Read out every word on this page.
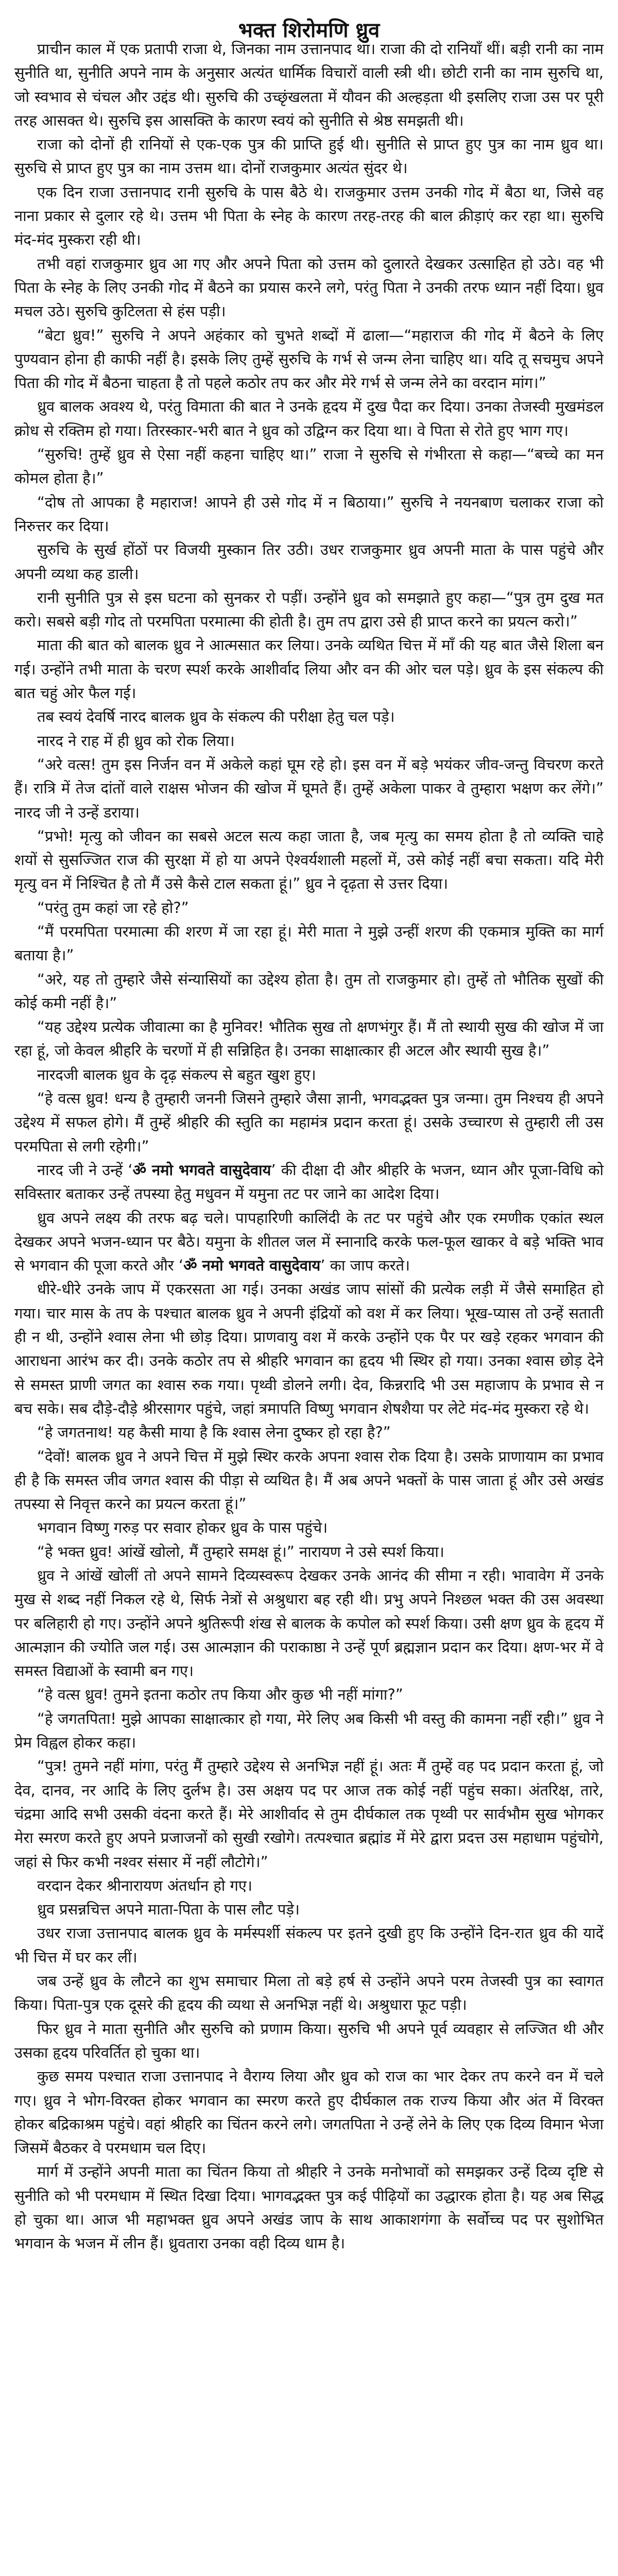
भक्त शिरोमणि ध्रुव

प्राचीन काल में एक प्रतापी राजा थे, जिनका नाम उत्तानपाद था। राजा की दो रानियाँ थीं। बड़ी रानी का नाम सुनीति था, सुनीति अपने नाम के अनुसार अत्यंत धार्मिक विचारों वाली स्त्री थी। छोटी रानी का नाम सुरुचि था, जो स्वभाव से चंचल और उद्दंड थी। सुरुचि की उच्छृंखलता में यौवन की अल्हड़ता थी इसलिए राजा उस पर पूरी तरह आसक्त थे। सुरुचि इस आसक्ति के कारण स्वयं को सुनीति से श्रेष्ठ समझती थी।

राजा को दोनों ही रानियों से एक-एक पुत्र की प्राप्ति हुई थी। सुनीति से प्राप्त हुए पुत्र का नाम ध्रुव था। सुरुचि से प्राप्त हुए पुत्र का नाम उत्तम था। दोनों राजकुमार अत्यंत सुंदर थे।

एक दिन राजा उत्तानपाद रानी सुरुचि के पास बैठे थे। राजकुमार उत्तम उनकी गोद में बैठा था, जिसे वह नाना प्रकार से दुलार रहे थे। उत्तम भी पिता के स्नेह के कारण तरह-तरह की बाल क्रीड़ाएं कर रहा था। सुरुचि मंद-मंद मुस्करा रही थी।

तभी वहां राजकुमार ध्रुव आ गए और अपने पिता को उत्तम को दुलारते देखकर उत्साहित हो उठे। वह भी पिता के स्नेह के लिए उनकी गोद में बैठने का प्रयास करने लगे, परंतु पिता ने उनकी तरफ ध्यान नहीं दिया। ध्रुव मचल उठे। सुरुचि कुटिलता से हंस पड़ी।

“बेटा ध्रुव!” सुरुचि ने अपने अहंकार को चुभते शब्दों में ढाला—“महाराज की गोद में बैठने के लिए पुण्यवान होना ही काफी नहीं है। इसके लिए तुम्हें सुरुचि के गर्भ से जन्म लेना चाहिए था। यदि तू सचमुच अपने पिता की गोद में बैठना चाहता है तो पहले कठोर तप कर और मेरे गर्भ से जन्म लेने का वरदान मांग।”

ध्रुव बालक अवश्य थे, परंतु विमाता की बात ने उनके हृदय में दुख पैदा कर दिया। उनका तेजस्वी मुखमंडल क्रोध से रक्तिम हो गया। तिरस्कार-भरी बात ने ध्रुव को उद्विग्न कर दिया था। वे पिता से रोते हुए भाग गए।

“सुरुचि! तुम्हें ध्रुव से ऐसा नहीं कहना चाहिए था।” राजा ने सुरुचि से गंभीरता से कहा—“बच्चे का मन कोमल होता है।”

“दोष तो आपका है महाराज! आपने ही उसे गोद में न बिठाया।” सुरुचि ने नयनबाण चलाकर राजा को निरुत्तर कर दिया।

सुरुचि के सुर्ख होंठों पर विजयी मुस्कान तिर उठी। उधर राजकुमार ध्रुव अपनी माता के पास पहुंचे और अपनी व्यथा कह डाली।

रानी सुनीति पुत्र से इस घटना को सुनकर रो पड़ीं। उन्होंने ध्रुव को समझाते हुए कहा—“पुत्र तुम दुख मत करो। सबसे बड़ी गोद तो परमपिता परमात्मा की होती है। तुम तप द्वारा उसे ही प्राप्त करने का प्रयत्न करो।”

माता की बात को बालक ध्रुव ने आत्मसात कर लिया। उनके व्यथित चित्त में माँ की यह बात जैसे शिला बन गई। उन्होंने तभी माता के चरण स्पर्श करके आशीर्वाद लिया और वन की ओर चल पड़े। ध्रुव के इस संकल्प की बात चहुं ओर फैल गई।

तब स्वयं देवर्षि नारद बालक ध्रुव के संकल्प की परीक्षा हेतु चल पड़े।

नारद ने राह में ही ध्रुव को रोक लिया।

“अरे वत्स! तुम इस निर्जन वन में अकेले कहां घूम रहे हो। इस वन में बड़े भयंकर जीव-जन्तु विचरण करते हैं। रात्रि में तेज दांतों वाले राक्षस भोजन की खोज में घूमते हैं। तुम्हें अकेला पाकर वे तुम्हारा भक्षण कर लेंगे।” नारद जी ने उन्हें डराया।

“प्रभो! मृत्यु को जीवन का सबसे अटल सत्य कहा जाता है, जब मृत्यु का समय होता है तो व्यक्ति चाहे शयों से सुसज्जित राज की सुरक्षा में हो या अपने ऐश्वर्यशाली महलों में, उसे कोई नहीं बचा सकता। यदि मेरी मृत्यु वन में निश्चित है तो मैं उसे कैसे टाल सकता हूं।” ध्रुव ने दृढ़ता से उत्तर दिया।

“परंतु तुम कहां जा रहे हो?”

“मैं परमपिता परमात्मा की शरण में जा रहा हूं। मेरी माता ने मुझे उन्हीं शरण की एकमात्र मुक्ति का मार्ग बताया है।”

“अरे, यह तो तुम्हारे जैसे संन्यासियों का उद्देश्य होता है। तुम तो राजकुमार हो। तुम्हें तो भौतिक सुखों की कोई कमी नहीं है।”

“यह उद्देश्य प्रत्येक जीवात्मा का है मुनिवर! भौतिक सुख तो क्षणभंगुर हैं। मैं तो स्थायी सुख की खोज में जा रहा हूं, जो केवल श्रीहरि के चरणों में ही सन्निहित है। उनका साक्षात्कार ही अटल और स्थायी सुख है।”

नारदजी बालक ध्रुव के दृढ़ संकल्प से बहुत खुश हुए।

“हे वत्स ध्रुव! धन्य है तुम्हारी जननी जिसने तुम्हारे जैसा ज्ञानी, भगवद्भक्त पुत्र जन्मा। तुम निश्चय ही अपने उद्देश्य में सफल होगे। मैं तुम्हें श्रीहरि की स्तुति का महामंत्र प्रदान करता हूं। उसके उच्चारण से तुम्हारी ली उस परमपिता से लगी रहेगी।”

नारद जी ने उन्हें ‘ॐ नमो भगवते वासुदेवाय’ की दीक्षा दी और श्रीहरि के भजन, ध्यान और पूजा-विधि को सविस्तार बताकर उन्हें तपस्या हेतु मधुवन में यमुना तट पर जाने का आदेश दिया।

ध्रुव अपने लक्ष्य की तरफ बढ़ चले। पापहारिणी कालिंदी के तट पर पहुंचे और एक रमणीक एकांत स्थल देखकर अपने भजन-ध्यान पर बैठे। यमुना के शीतल जल में स्नानादि करके फल-फूल खाकर वे बड़े भक्ति भाव से भगवान की पूजा करते और ‘ॐ नमो भगवते वासुदेवाय’ का जाप करते।

धीरे-धीरे उनके जाप में एकरसता आ गई। उनका अखंड जाप सांसों की प्रत्येक लड़ी में जैसे समाहित हो गया। चार मास के तप के पश्चात बालक ध्रुव ने अपनी इंद्रियों को वश में कर लिया। भूख-प्यास तो उन्हें सताती ही न थी, उन्होंने श्वास लेना भी छोड़ दिया। प्राणवायु वश में करके उन्होंने एक पैर पर खड़े रहकर भगवान की आराधना आरंभ कर दी। उनके कठोर तप से श्रीहरि भगवान का हृदय भी स्थिर हो गया। उनका श्वास छोड़ देने से समस्त प्राणी जगत का श्वास रुक गया। पृथ्वी डोलने लगी। देव, किन्नरादि भी उस महाजाप के प्रभाव से न बच सके। सब दौड़े-दौड़े श्रीरसागर पहुंचे, जहां त्रमापति विष्णु भगवान शेषशैया पर लेटे मंद-मंद मुस्करा रहे थे।

“हे जगतनाथ! यह कैसी माया है कि श्वास लेना दुष्कर हो रहा है?”

“देवों! बालक ध्रुव ने अपने चित्त में मुझे स्थिर करके अपना श्वास रोक दिया है। उसके प्राणायाम का प्रभाव ही है कि समस्त जीव जगत श्वास की पीड़ा से व्यथित है। मैं अब अपने भक्तों के पास जाता हूं और उसे अखंड तपस्या से निवृत्त करने का प्रयत्न करता हूं।”

भगवान विष्णु गरुड़ पर सवार होकर ध्रुव के पास पहुंचे।

“हे भक्त ध्रुव! आंखें खोलो, मैं तुम्हारे समक्ष हूं।” नारायण ने उसे स्पर्श किया।

ध्रुव ने आंखें खोलीं तो अपने सामने दिव्यस्वरूप देखकर उनके आनंद की सीमा न रही। भावावेग में उनके मुख से शब्द नहीं निकल रहे थे, सिर्फ नेत्रों से अश्रुधारा बह रही थी। प्रभु अपने निश्छल भक्त की उस अवस्था पर बलिहारी हो गए। उन्होंने अपने श्रुतिरूपी शंख से बालक के कपोल को स्पर्श किया। उसी क्षण ध्रुव के हृदय में आत्मज्ञान की ज्योति जल गई। उस आत्मज्ञान की पराकाष्ठा ने उन्हें पूर्ण ब्रह्मज्ञान प्रदान कर दिया। क्षण-भर में वे समस्त विद्याओं के स्वामी बन गए।

“हे वत्स ध्रुव! तुमने इतना कठोर तप किया और कुछ भी नहीं मांगा?”

“हे जगतपिता! मुझे आपका साक्षात्कार हो गया, मेरे लिए अब किसी भी वस्तु की कामना नहीं रही।” ध्रुव ने प्रेम विह्वल होकर कहा।

“पुत्र! तुमने नहीं मांगा, परंतु मैं तुम्हारे उद्देश्य से अनभिज्ञ नहीं हूं। अतः मैं तुम्हें वह पद प्रदान करता हूं, जो देव, दानव, नर आदि के लिए दुर्लभ है। उस अक्षय पद पर आज तक कोई नहीं पहुंच सका। अंतरिक्ष, तारे, चंद्रमा आदि सभी उसकी वंदना करते हैं। मेरे आशीर्वाद से तुम दीर्घकाल तक पृथ्वी पर सार्वभौम सुख भोगकर मेरा स्मरण करते हुए अपने प्रजाजनों को सुखी रखोगे। तत्पश्चात ब्रह्मांड में मेरे द्वारा प्रदत्त उस महाधाम पहुंचोगे, जहां से फिर कभी नश्वर संसार में नहीं लौटोगे।”

वरदान देकर श्रीनारायण अंतर्धान हो गए।

ध्रुव प्रसन्नचित्त अपने माता-पिता के पास लौट पड़े।

उधर राजा उत्तानपाद बालक ध्रुव के मर्मस्पर्शी संकल्प पर इतने दुखी हुए कि उन्होंने दिन-रात ध्रुव की यादें भी चित्त में घर कर लीं।

जब उन्हें ध्रुव के लौटने का शुभ समाचार मिला तो बड़े हर्ष से उन्होंने अपने परम तेजस्वी पुत्र का स्वागत किया। पिता-पुत्र एक दूसरे की हृदय की व्यथा से अनभिज्ञ नहीं थे। अश्रुधारा फूट पड़ी।

फिर ध्रुव ने माता सुनीति और सुरुचि को प्रणाम किया। सुरुचि भी अपने पूर्व व्यवहार से लज्जित थी और उसका हृदय परिवर्तित हो चुका था।

कुछ समय पश्चात राजा उत्तानपाद ने वैराग्य लिया और ध्रुव को राज का भार देकर तप करने वन में चले गए। ध्रुव ने भोग-विरक्त होकर भगवान का स्मरण करते हुए दीर्घकाल तक राज्य किया और अंत में विरक्त होकर बद्रिकाश्रम पहुंचे। वहां श्रीहरि का चिंतन करने लगे। जगतपिता ने उन्हें लेने के लिए एक दिव्य विमान भेजा जिसमें बैठकर वे परमधाम चल दिए।

मार्ग में उन्होंने अपनी माता का चिंतन किया तो श्रीहरि ने उनके मनोभावों को समझकर उन्हें दिव्य दृष्टि से सुनीति को भी परमधाम में स्थित दिखा दिया। भागवद्भक्त पुत्र कई पीढ़ियों का उद्धारक होता है। यह अब सिद्ध हो चुका था। आज भी महाभक्त ध्रुव अपने अखंड जाप के साथ आकाशगंगा के सर्वोच्च पद पर सुशोभित भगवान के भजन में लीन हैं। ध्रुवतारा उनका वही दिव्य धाम है।
